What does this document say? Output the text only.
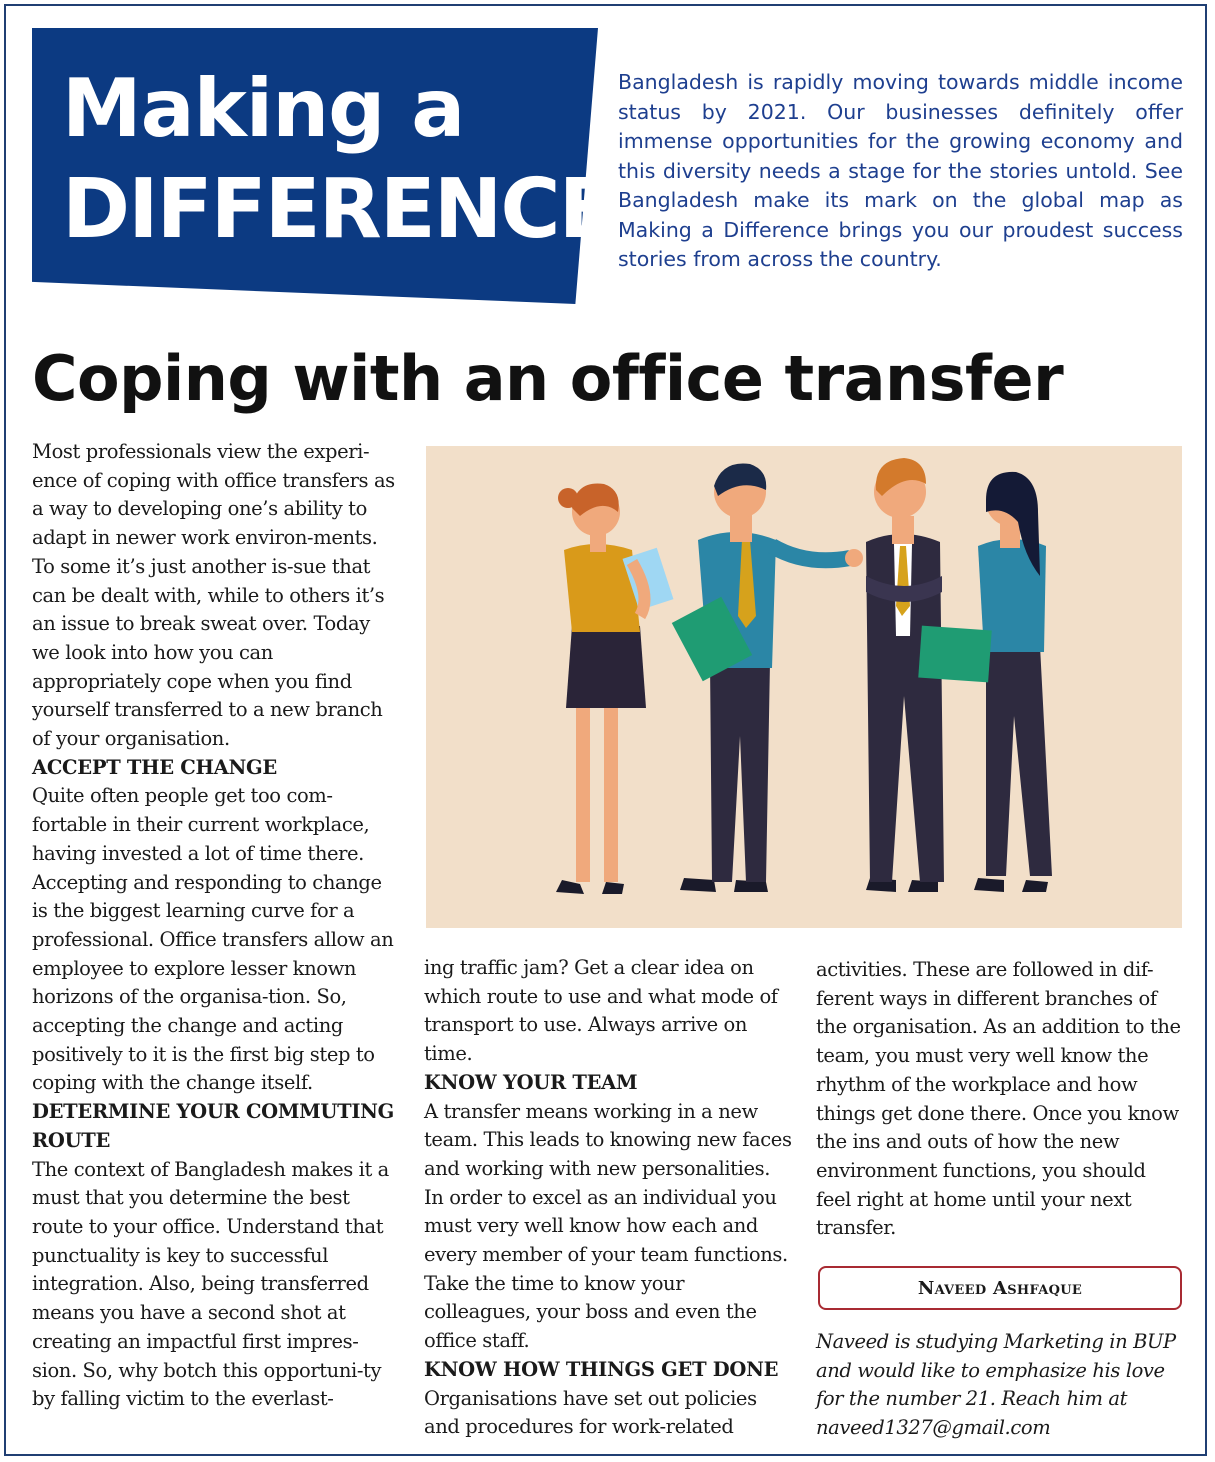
Making a
DIFFERENCE
Bangladesh is rapidly moving towards middle income status by 2021. Our businesses definitely offer immense opportunities for the growing economy and this diversity needs a stage for the stories untold. See Bangladesh make its mark on the global map as Making a Difference brings you our proudest success stories from across the country.
Coping with an office transfer

Most professionals view the experi-ence of coping with office transfers as a way to developing one’s ability to adapt in newer work environ-ments. To some it’s just another is-sue that can be dealt with, while to others it’s an issue to break sweat over. Today we look into how you can appropriately cope when you find yourself transferred to a new branch of your organisation.

ACCEPT THE CHANGE

Quite often people get too com-fortable in their current workplace, having invested a lot of time there. Accepting and responding to change is the biggest learning curve for a professional. Office transfers allow an employee to explore lesser known horizons of the organisa-tion. So, accepting the change and acting positively to it is the first big step to coping with the change itself.

DETERMINE YOUR COMMUTING ROUTE

The context of Bangladesh makes it a must that you determine the best route to your office. Understand that punctuality is key to successful integration. Also, being transferred means you have a second shot at creating an impactful first impres-sion. So, why botch this opportuni-ty by falling victim to the everlast-

ing traffic jam? Get a clear idea on which route to use and what mode of transport to use. Always arrive on time.

KNOW YOUR TEAM

A transfer means working in a new team. This leads to knowing new faces and working with new personalities. In order to excel as an individual you must very well know how each and every member of your team functions. Take the time to know your colleagues, your boss and even the office staff.

KNOW HOW THINGS GET DONE

Organisations have set out policies and procedures for work-related

activities. These are followed in dif-ferent ways in different branches of the organisation. As an addition to the team, you must very well know the rhythm of the workplace and how things get done there. Once you know the ins and outs of how the new environment functions, you should feel right at home until your next transfer.

Naveed Ashfaque
Naveed is studying Marketing in BUP and would like to emphasize his love for the number 21. Reach him at naveed1327@gmail.com
